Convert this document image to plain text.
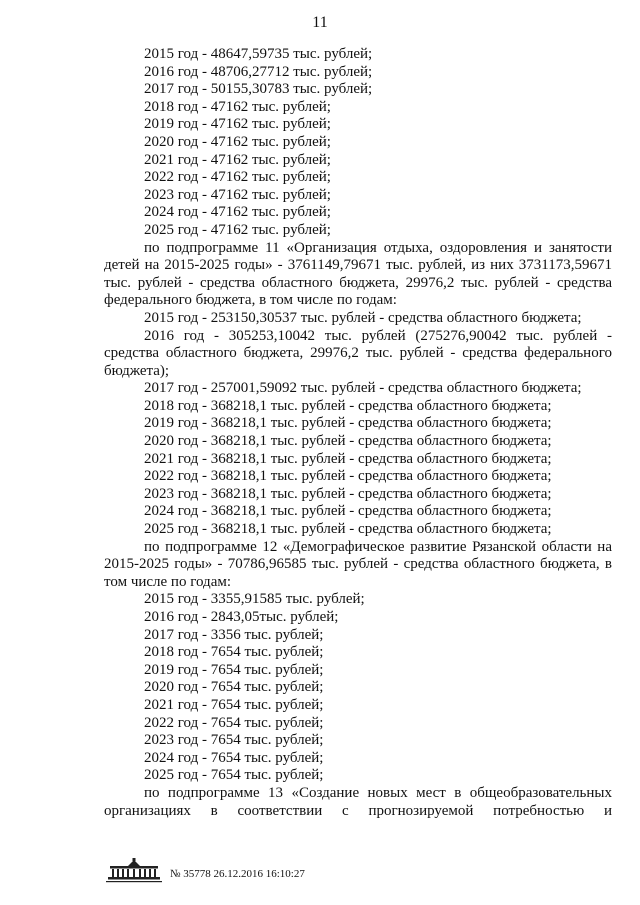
11
2015 год - 48647,59735 тыс. рублей;
2016 год - 48706,27712 тыс. рублей;
2017 год - 50155,30783 тыс. рублей;
2018 год - 47162 тыс. рублей;
2019 год - 47162 тыс. рублей;
2020 год - 47162 тыс. рублей;
2021 год - 47162 тыс. рублей;
2022 год - 47162 тыс. рублей;
2023 год - 47162 тыс. рублей;
2024 год - 47162 тыс. рублей;
2025 год - 47162 тыс. рублей;
по подпрограмме 11 «Организация отдыха, оздоровления и занятости
детей на 2015-2025 годы» - 3761149,79671 тыс. рублей, из них 3731173,59671
тыс. рублей - средства областного бюджета, 29976,2 тыс. рублей - средства
федерального бюджета, в том числе по годам:
2015 год - 253150,30537 тыс. рублей - средства областного бюджета;
2016 год - 305253,10042 тыс. рублей (275276,90042 тыс. рублей -
средства областного бюджета, 29976,2 тыс. рублей - средства федерального
бюджета);
2017 год - 257001,59092 тыс. рублей - средства областного бюджета;
2018 год - 368218,1 тыс. рублей - средства областного бюджета;
2019 год - 368218,1 тыс. рублей - средства областного бюджета;
2020 год - 368218,1 тыс. рублей - средства областного бюджета;
2021 год - 368218,1 тыс. рублей - средства областного бюджета;
2022 год - 368218,1 тыс. рублей - средства областного бюджета;
2023 год - 368218,1 тыс. рублей - средства областного бюджета;
2024 год - 368218,1 тыс. рублей - средства областного бюджета;
2025 год - 368218,1 тыс. рублей - средства областного бюджета;
по подпрограмме 12 «Демографическое развитие Рязанской области на
2015-2025 годы» - 70786,96585 тыс. рублей - средства областного бюджета, в
том числе по годам:
2015 год - 3355,91585 тыс. рублей;
2016 год - 2843,05тыс. рублей;
2017 год - 3356 тыс. рублей;
2018 год - 7654 тыс. рублей;
2019 год - 7654 тыс. рублей;
2020 год - 7654 тыс. рублей;
2021 год - 7654 тыс. рублей;
2022 год - 7654 тыс. рублей;
2023 год - 7654 тыс. рублей;
2024 год - 7654 тыс. рублей;
2025 год - 7654 тыс. рублей;
по подпрограмме 13 «Создание новых мест в общеобразовательных
организациях в соответствии с прогнозируемой потребностью и
№ 35778 26.12.2016 16:10:27
